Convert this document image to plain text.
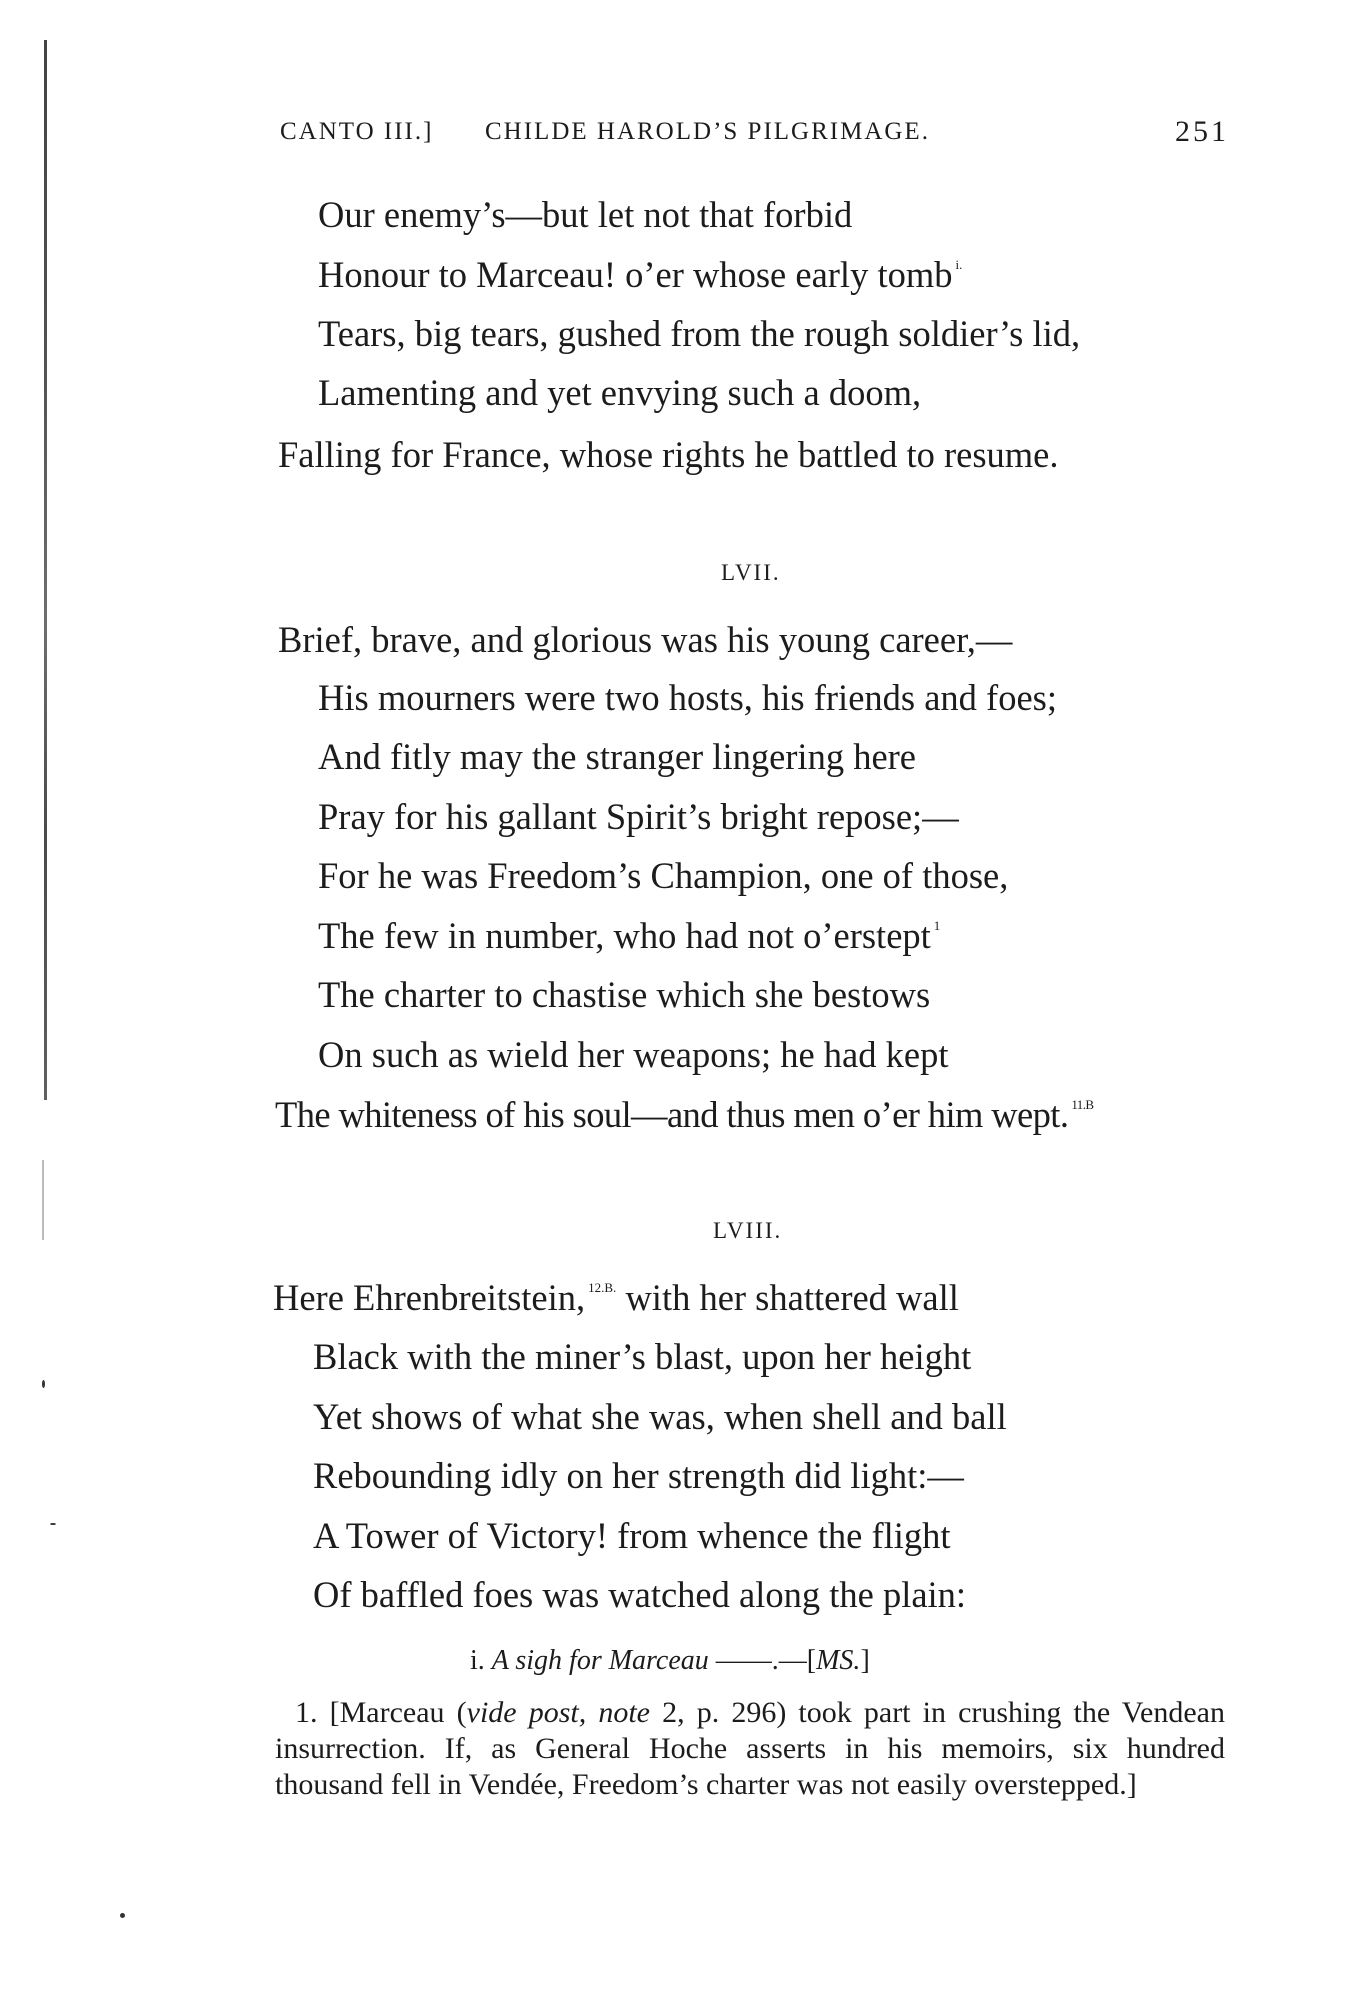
CANTO III.] CHILDE HAROLD’S PILGRIMAGE.	251
Our enemy’s—but let not that forbid
Honour to Marceau! o’er whose early tomb $^{i.}$
Tears, big tears, gushed from the rough soldier’s lid,
Lamenting and yet envying such a doom,
Falling for France, whose rights he battled to resume.
LVII.
Brief, brave, and glorious was his young career,—
His mourners were two hosts, his friends and foes;
And fitly may the stranger lingering here
Pray for his gallant Spirit’s bright repose;—
For he was Freedom’s Champion, one of those,
The few in number, who had not o’erstept $^1$
The charter to chastise which she bestows
On such as wield her weapons; he had kept
The whiteness of his soul—and thus men o’er him wept. $^{11.B}$
LVIII.
Here Ehrenbreitstein, $^{12.B.}$ with her shattered wall
Black with the miner’s blast, upon her height
Yet shows of what she was, when shell and ball
Rebounding idly on her strength did light:—
A Tower of Victory! from whence the flight
Of baffled foes was watched along the plain:
i. A sigh for Marceau ——.—[MS.]

1. [Marceau (vide post, note 2, p. 296) took part in crushing the Vendean insurrection. If, as General Hoche asserts in his memoirs, six hundred thousand fell in Vendée, Freedom’s charter was not easily overstepped.]
